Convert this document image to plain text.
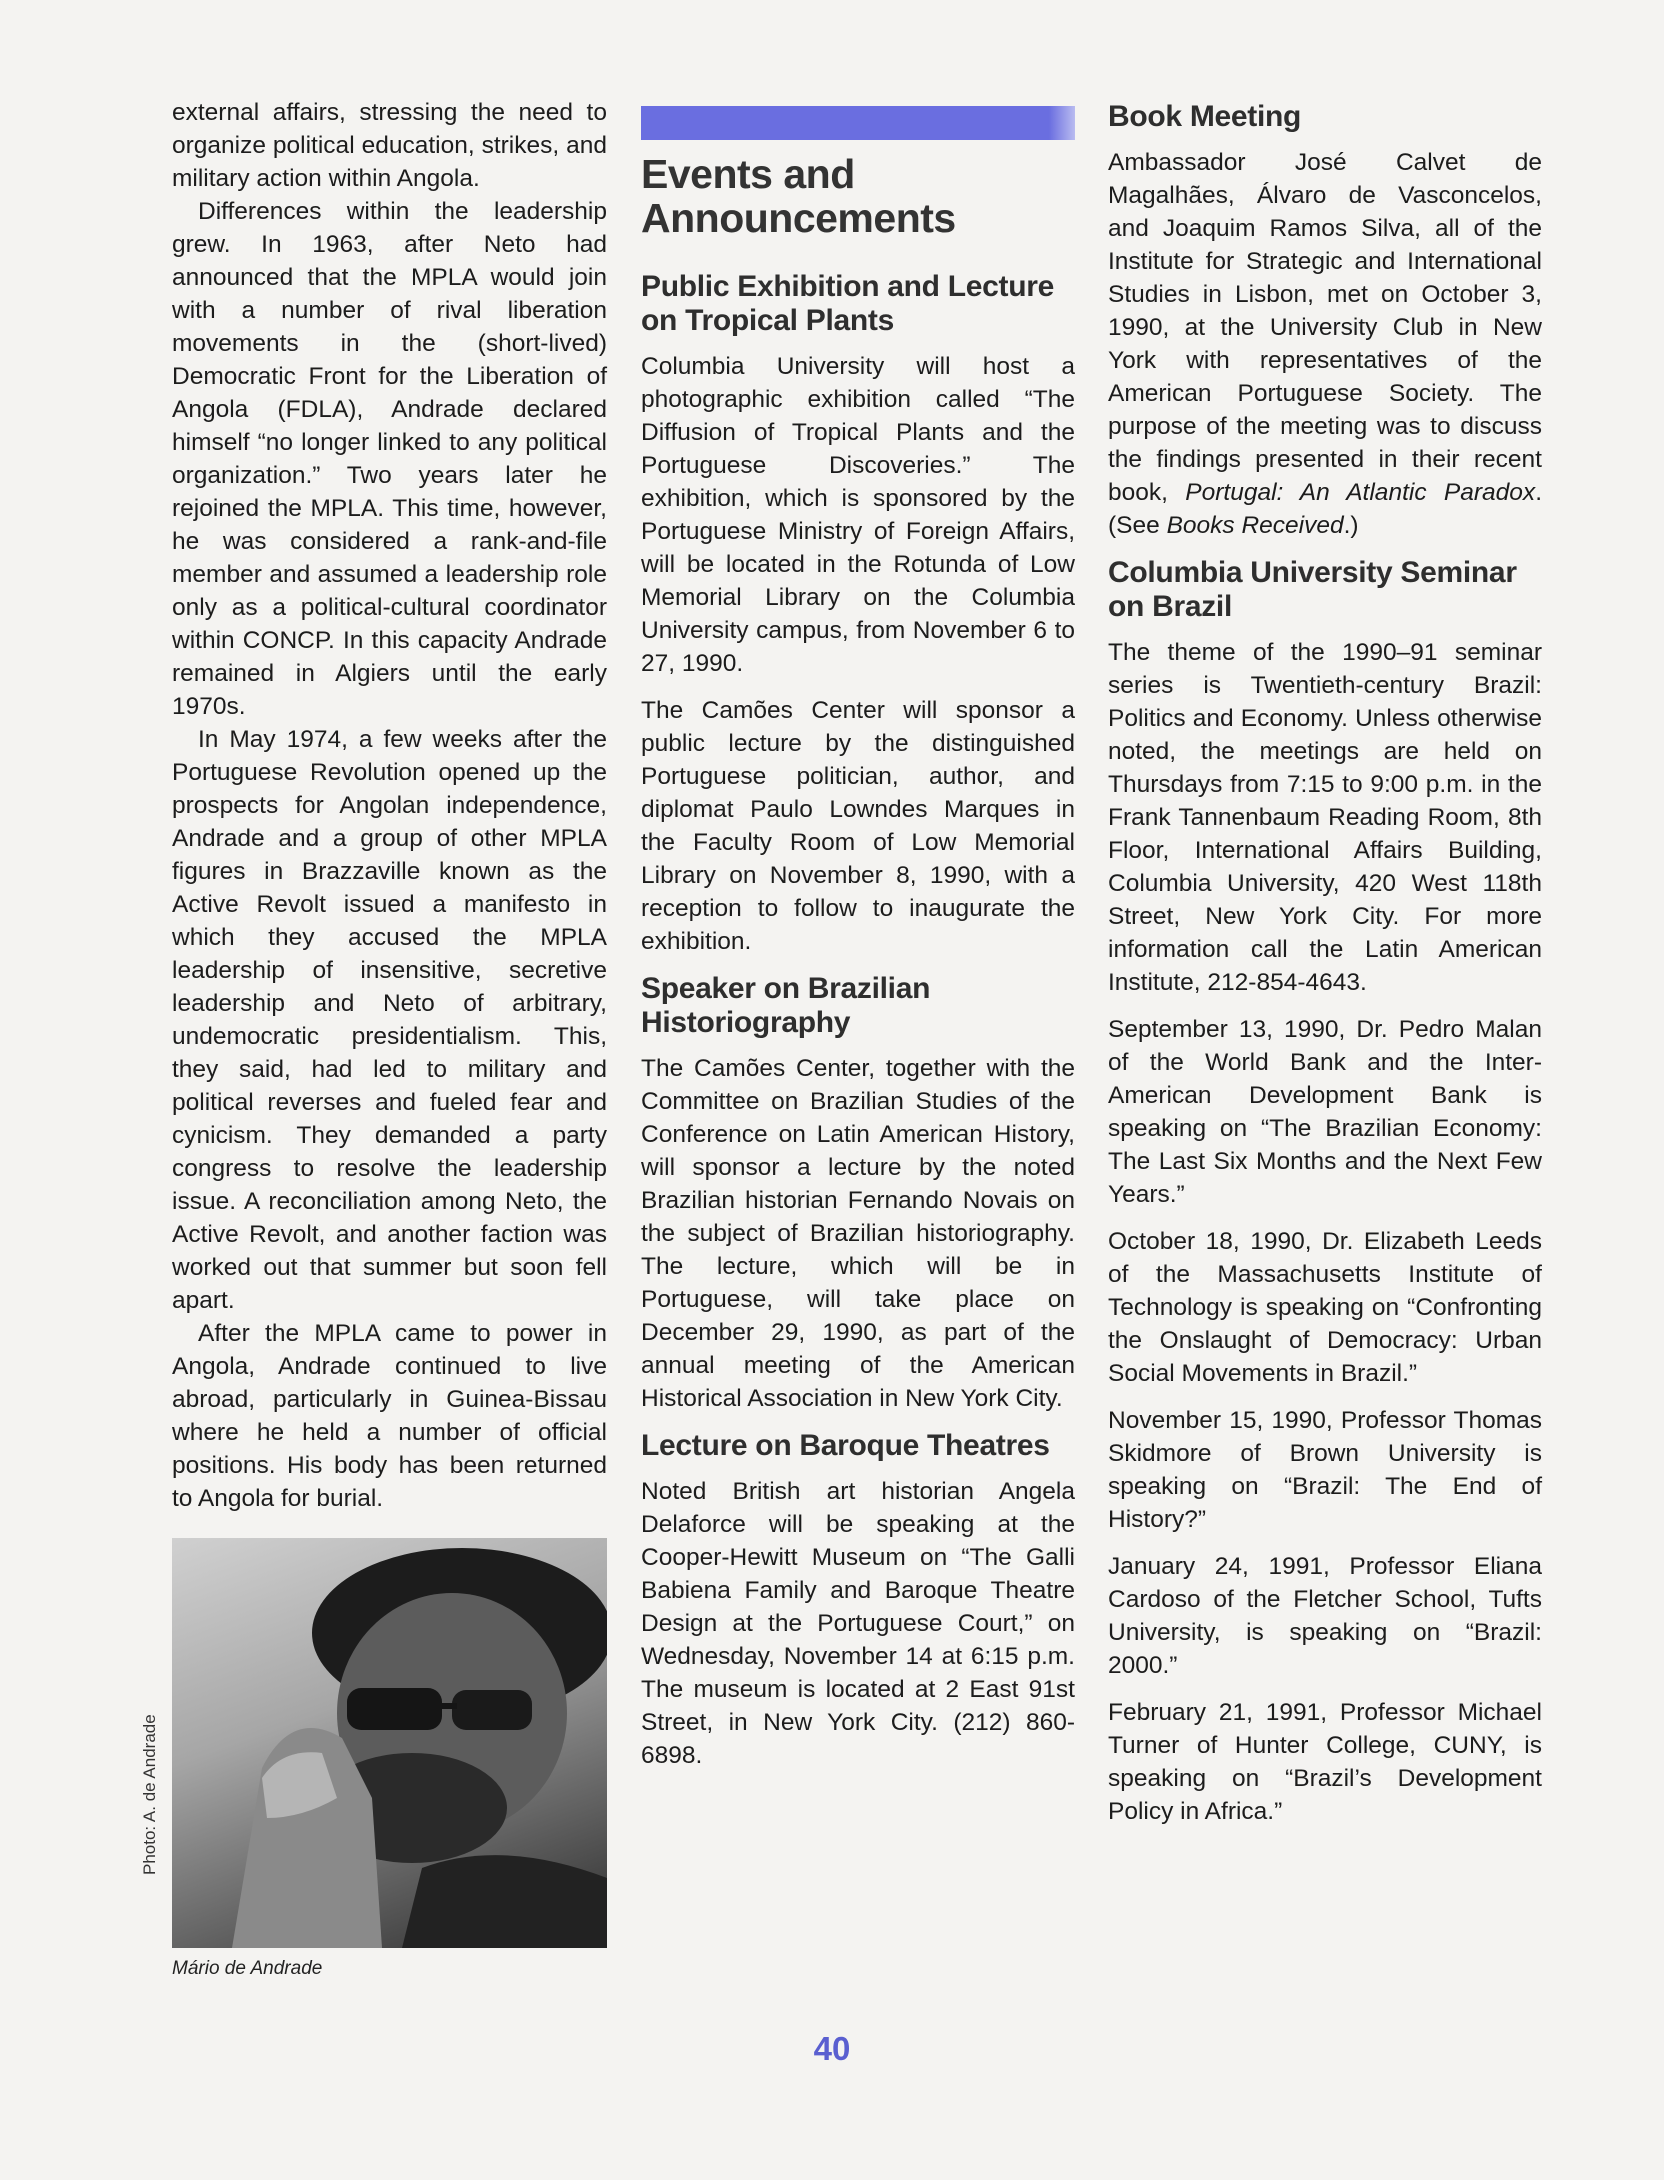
external affairs, stressing the need to organize political education, strikes, and military action within Angola.

Differences within the leadership grew. In 1963, after Neto had announced that the MPLA would join with a number of rival liberation movements in the (short-lived) Democratic Front for the Liberation of Angola (FDLA), Andrade declared himself “no longer linked to any political organization.” Two years later he rejoined the MPLA. This time, however, he was considered a rank-and-file member and assumed a leadership role only as a political-cultural coordinator within CONCP. In this capacity Andrade remained in Algiers until the early 1970s.

In May 1974, a few weeks after the Portuguese Revolution opened up the prospects for Angolan independence, Andrade and a group of other MPLA figures in Brazzaville known as the Active Revolt issued a manifesto in which they accused the MPLA leadership of insensitive, secretive leadership and Neto of arbitrary, undemocratic presidentialism. This, they said, had led to military and political reverses and fueled fear and cynicism. They demanded a party congress to resolve the leadership issue. A reconciliation among Neto, the Active Revolt, and another faction was worked out that summer but soon fell apart.

After the MPLA came to power in Angola, Andrade continued to live abroad, particularly in Guinea-Bissau where he held a number of official positions. His body has been returned to Angola for burial.

Photo: A. de Andrade
Mário de Andrade
Events and Announcements
Public Exhibition and Lecture on Tropical Plants

Columbia University will host a photographic exhibition called “The Diffusion of Tropical Plants and the Portuguese Discoveries.” The exhibition, which is sponsored by the Portuguese Ministry of Foreign Affairs, will be located in the Rotunda of Low Memorial Library on the Columbia University campus, from November 6 to 27, 1990.

The Camões Center will sponsor a public lecture by the distinguished Portuguese politician, author, and diplomat Paulo Lowndes Marques in the Faculty Room of Low Memorial Library on November 8, 1990, with a reception to follow to inaugurate the exhibition.

Speaker on Brazilian Historiography

The Camões Center, together with the Committee on Brazilian Studies of the Conference on Latin American History, will sponsor a lecture by the noted Brazilian historian Fernando Novais on the subject of Brazilian historiography. The lecture, which will be in Portuguese, will take place on December 29, 1990, as part of the annual meeting of the American Historical Association in New York City.

Lecture on Baroque Theatres

Noted British art historian Angela Delaforce will be speaking at the Cooper-Hewitt Museum on “The Galli Babiena Family and Baroque Theatre Design at the Portuguese Court,” on Wednesday, November 14 at 6:15 p.m. The museum is located at 2 East 91st Street, in New York City. (212) 860-6898.

Book Meeting

Ambassador José Calvet de Magalhães, Álvaro de Vasconcelos, and Joaquim Ramos Silva, all of the Institute for Strategic and International Studies in Lisbon, met on October 3, 1990, at the University Club in New York with representatives of the American Portuguese Society. The purpose of the meeting was to discuss the findings presented in their recent book, Portugal: An Atlantic Paradox. (See Books Received.)

Columbia University Seminar on Brazil

The theme of the 1990–91 seminar series is Twentieth-century Brazil: Politics and Economy. Unless otherwise noted, the meetings are held on Thursdays from 7:15 to 9:00 p.m. in the Frank Tannenbaum Reading Room, 8th Floor, International Affairs Building, Columbia University, 420 West 118th Street, New York City. For more information call the Latin American Institute, 212-854-4643.

September 13, 1990, Dr. Pedro Malan of the World Bank and the Inter-American Development Bank is speaking on “The Brazilian Economy: The Last Six Months and the Next Few Years.”

October 18, 1990, Dr. Elizabeth Leeds of the Massachusetts Institute of Technology is speaking on “Confronting the Onslaught of Democracy: Urban Social Movements in Brazil.”

November 15, 1990, Professor Thomas Skidmore of Brown University is speaking on “Brazil: The End of History?”

January 24, 1991, Professor Eliana Cardoso of the Fletcher School, Tufts University, is speaking on “Brazil: 2000.”

February 21, 1991, Professor Michael Turner of Hunter College, CUNY, is speaking on “Brazil’s Development Policy in Africa.”

40
